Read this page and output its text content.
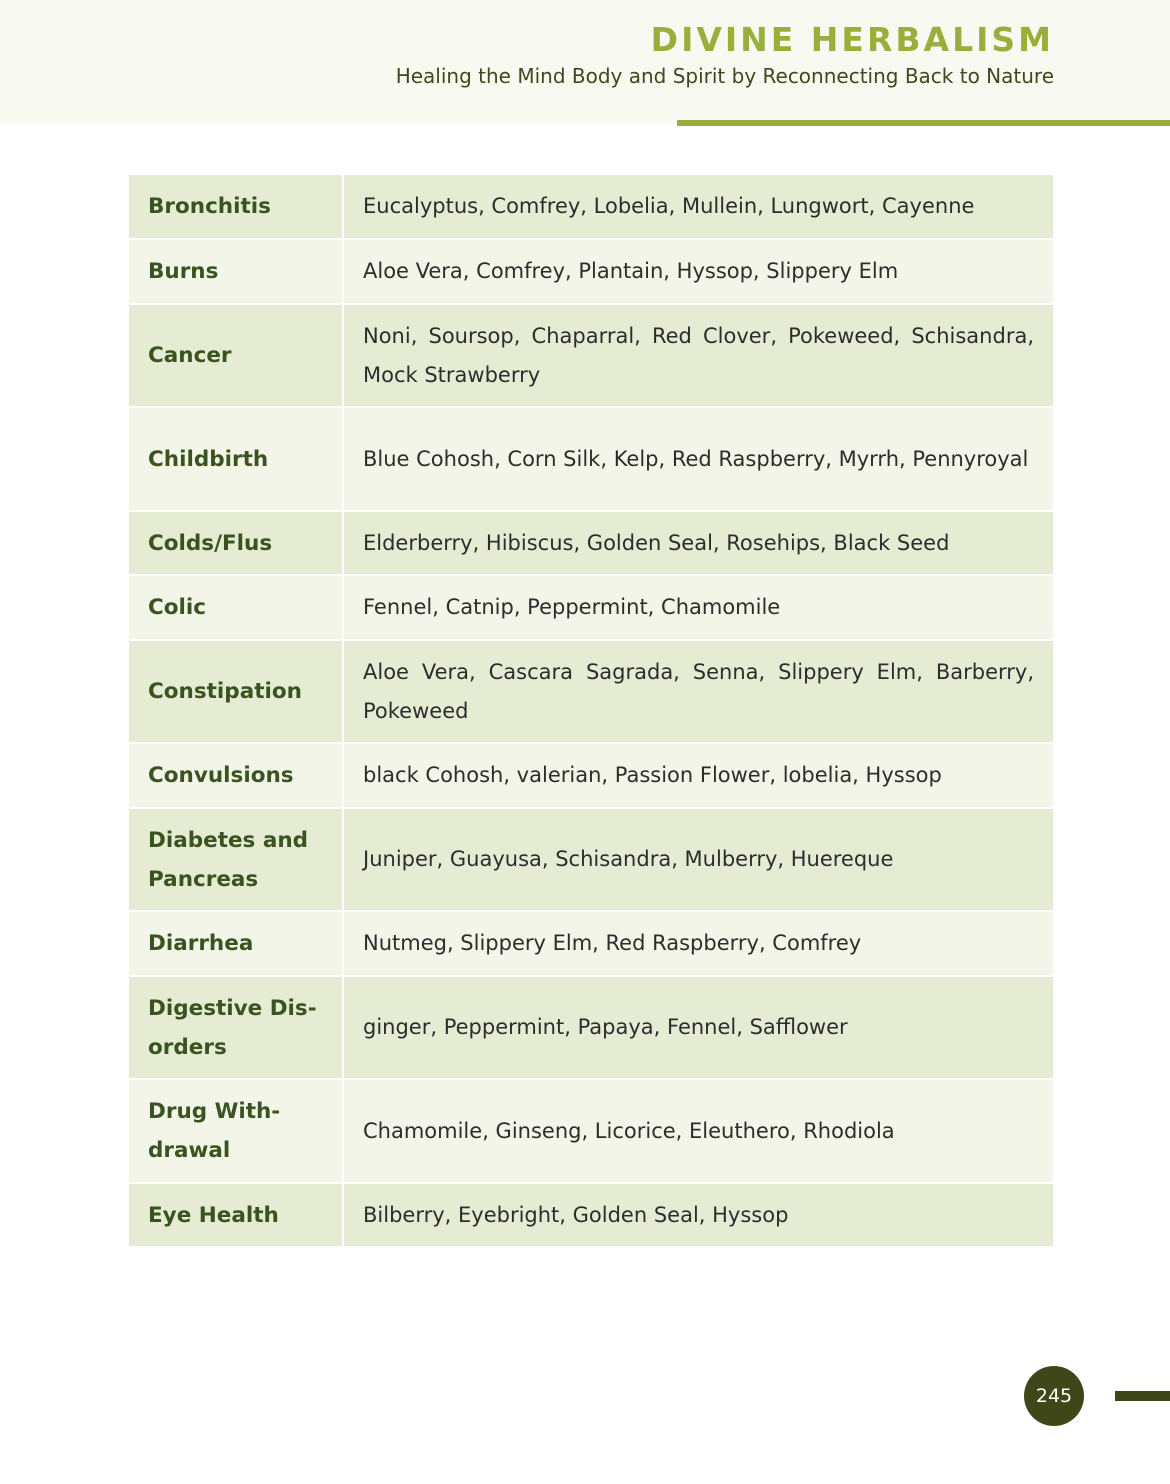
DIVINE HERBALISM

Healing the Mind Body and Spirit by Reconnecting Back to Nature

Bronchitis	Eucalyptus, Comfrey, Lobelia, Mullein, Lungwort, Cayenne
Burns	Aloe Vera, Comfrey, Plantain, Hyssop, Slippery Elm
Cancer	Noni, Soursop, Chaparral, Red Clover, Pokeweed, Schisandra, Mock Strawberry
Childbirth	Blue Cohosh, Corn Silk, Kelp, Red Raspberry, Myrrh, Pennyroyal
Colds/Flus	Elderberry, Hibiscus, Golden Seal, Rosehips, Black Seed
Colic	Fennel, Catnip, Peppermint, Chamomile
Constipation	Aloe Vera, Cascara Sagrada, Senna, Slippery Elm, Barberry, Pokeweed
Convulsions	black Cohosh, valerian, Passion Flower, lobelia, Hyssop
Diabetes and Pancreas	Juniper, Guayusa, Schisandra, Mulberry, Huereque
Diarrhea	Nutmeg, Slippery Elm, Red Raspberry, Comfrey
Digestive Dis-orders	ginger, Peppermint, Papaya, Fennel, Safflower
Drug With-drawal	Chamomile, Ginseng, Licorice, Eleuthero, Rhodiola
Eye Health	Bilberry, Eyebright, Golden Seal, Hyssop
245
